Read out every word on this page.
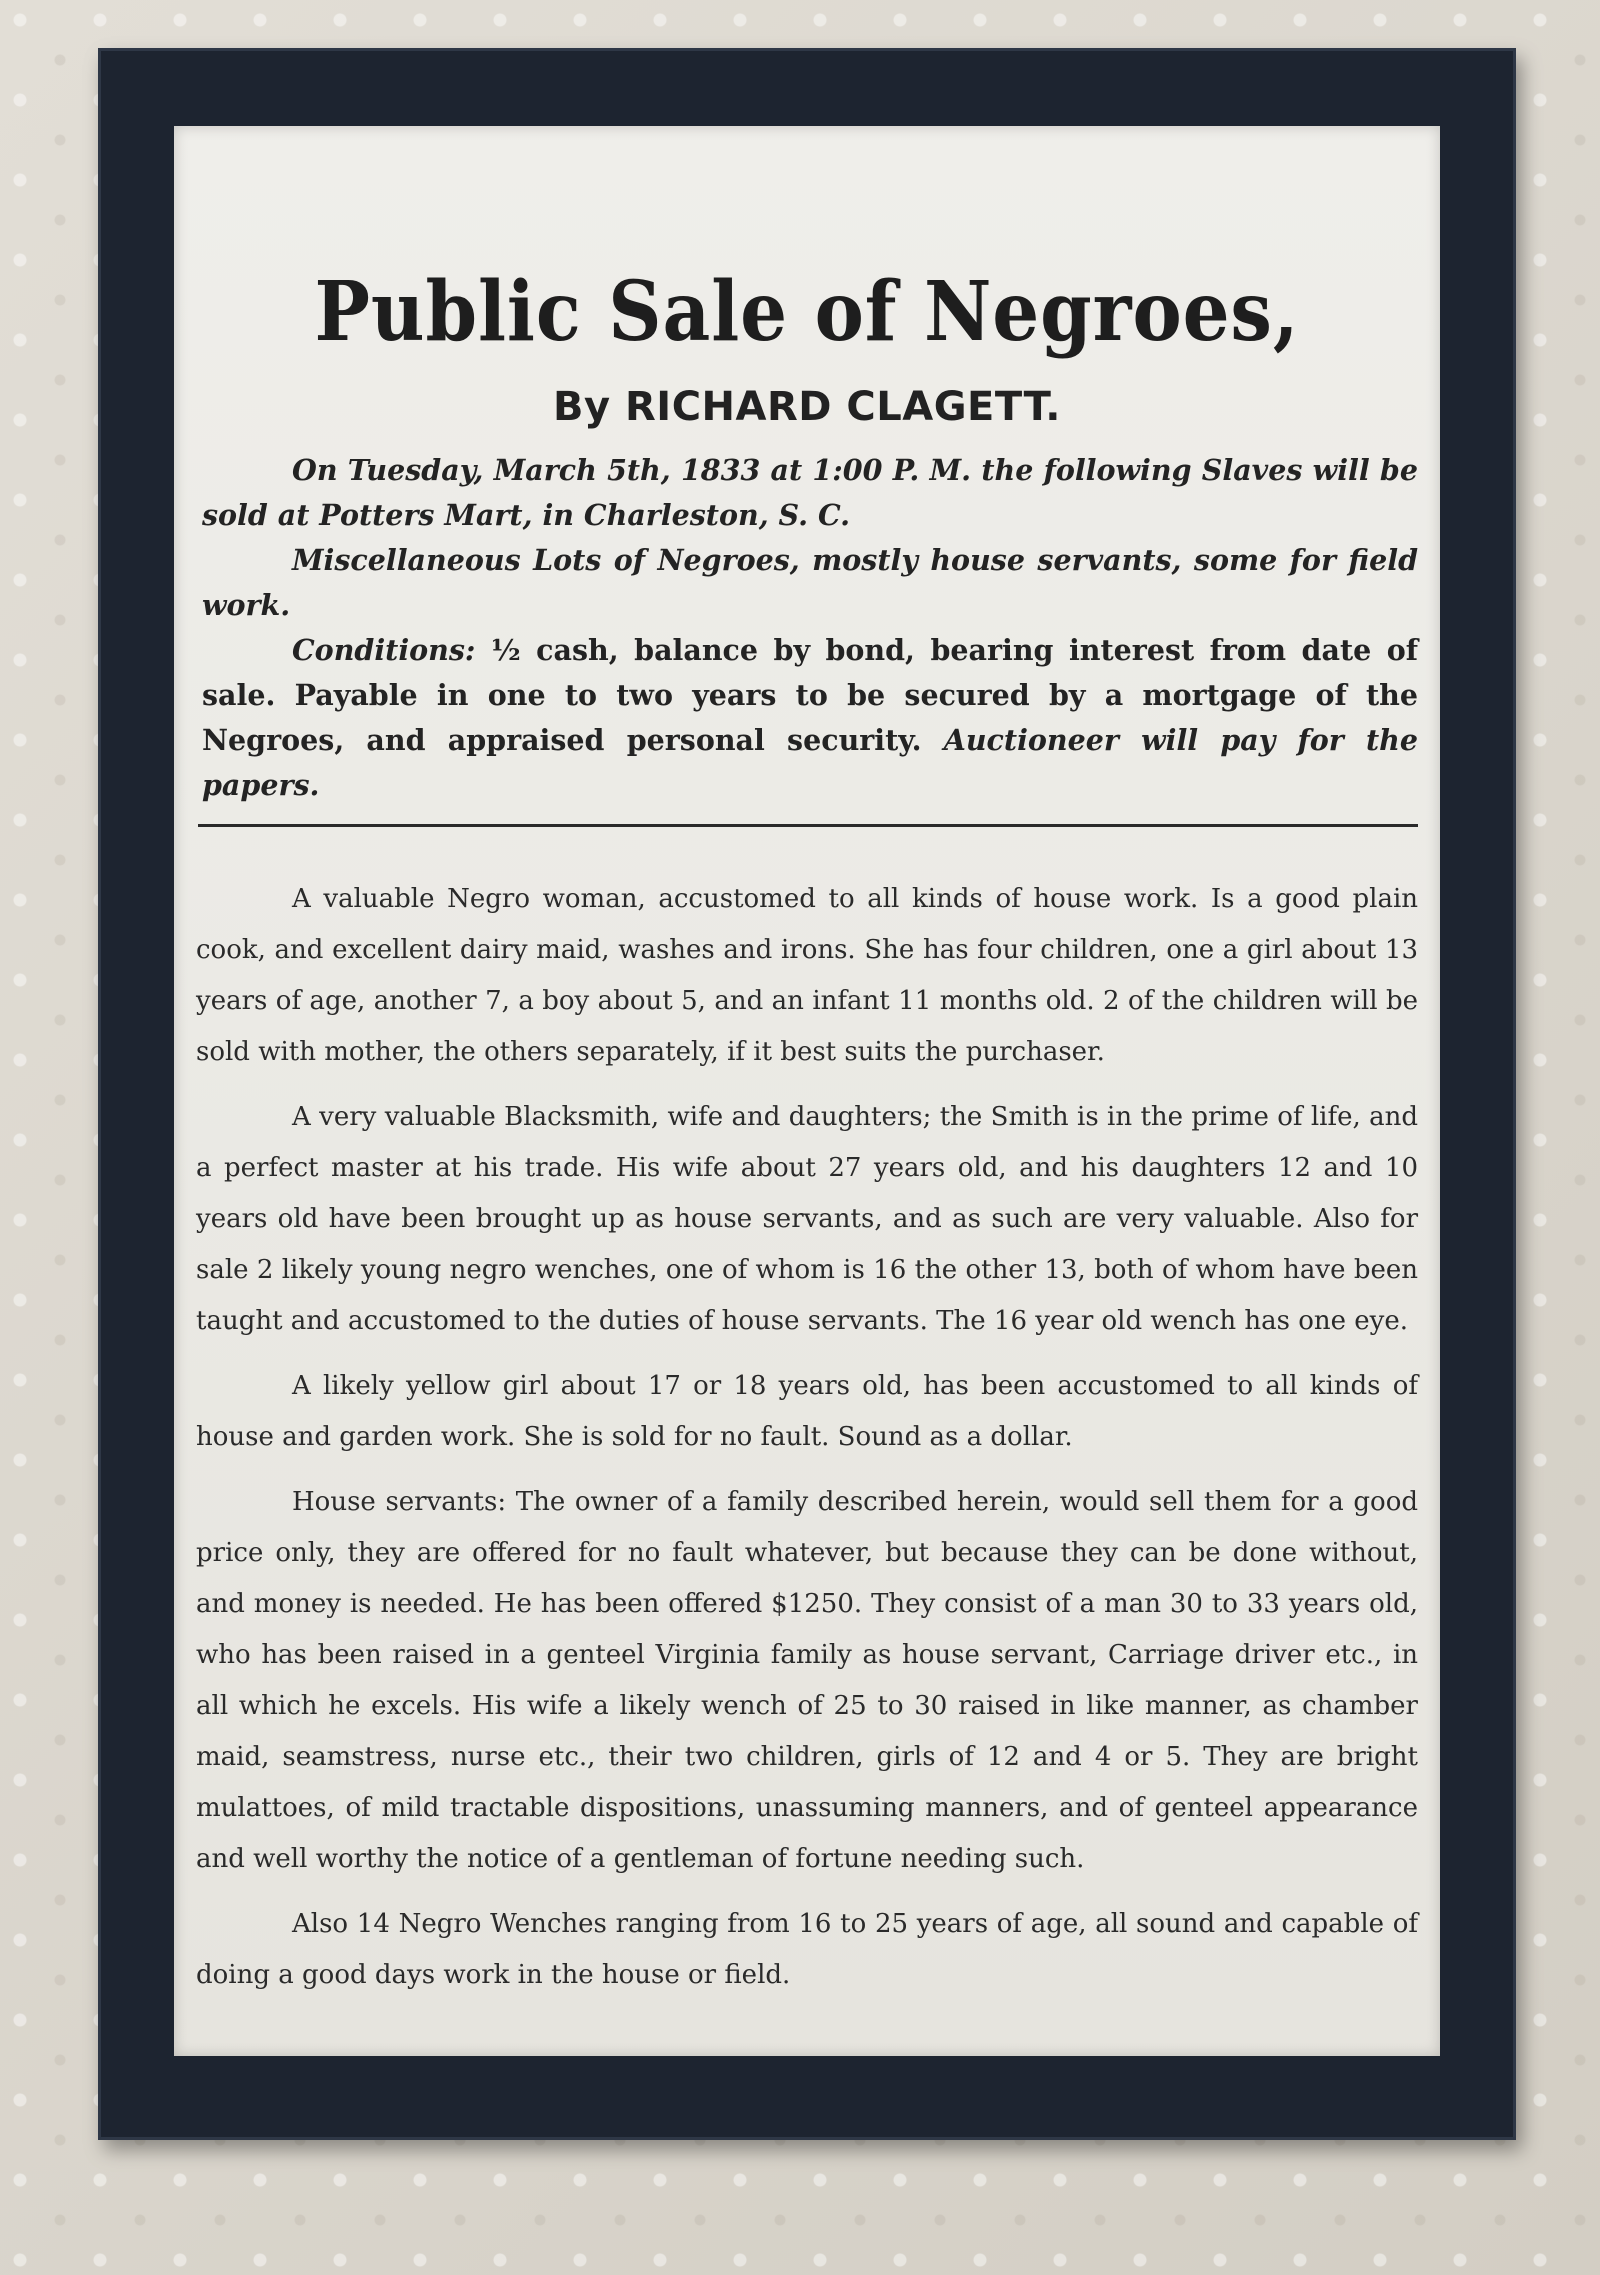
Public Sale of Negroes,
By RICHARD CLAGETT.

On Tuesday, March 5th, 1833 at 1:00 P. M. the following Slaves will be sold at Potters Mart, in Charleston, S. C.

Miscellaneous Lots of Negroes, mostly house servants, some for field work.

Conditions: ½ cash, balance by bond, bearing interest from date of sale. Payable in one to two years to be secured by a mortgage of the Negroes, and appraised personal security. Auctioneer will pay for the papers.

A valuable Negro woman, accustomed to all kinds of house work. Is a good plain cook, and excellent dairy maid, washes and irons. She has four children, one a girl about 13 years of age, another 7, a boy about 5, and an infant 11 months old. 2 of the children will be sold with mother, the others separately, if it best suits the purchaser.

A very valuable Blacksmith, wife and daughters; the Smith is in the prime of life, and a perfect master at his trade. His wife about 27 years old, and his daughters 12 and 10 years old have been brought up as house servants, and as such are very valuable. Also for sale 2 likely young negro wenches, one of whom is 16 the other 13, both of whom have been taught and accustomed to the duties of house servants. The 16 year old wench has one eye.

A likely yellow girl about 17 or 18 years old, has been accustomed to all kinds of house and garden work. She is sold for no fault. Sound as a dollar.

House servants: The owner of a family described herein, would sell them for a good price only, they are offered for no fault whatever, but because they can be done without, and money is needed. He has been offered $1250. They consist of a man 30 to 33 years old, who has been raised in a genteel Virginia family as house servant, Carriage driver etc., in all which he excels. His wife a likely wench of 25 to 30 raised in like manner, as chamber maid, seamstress, nurse etc., their two children, girls of 12 and 4 or 5. They are bright mulattoes, of mild tractable dispositions, unassuming manners, and of genteel appearance and well worthy the notice of a gentleman of fortune needing such.

Also 14 Negro Wenches ranging from 16 to 25 years of age, all sound and capable of doing a good days work in the house or field.
